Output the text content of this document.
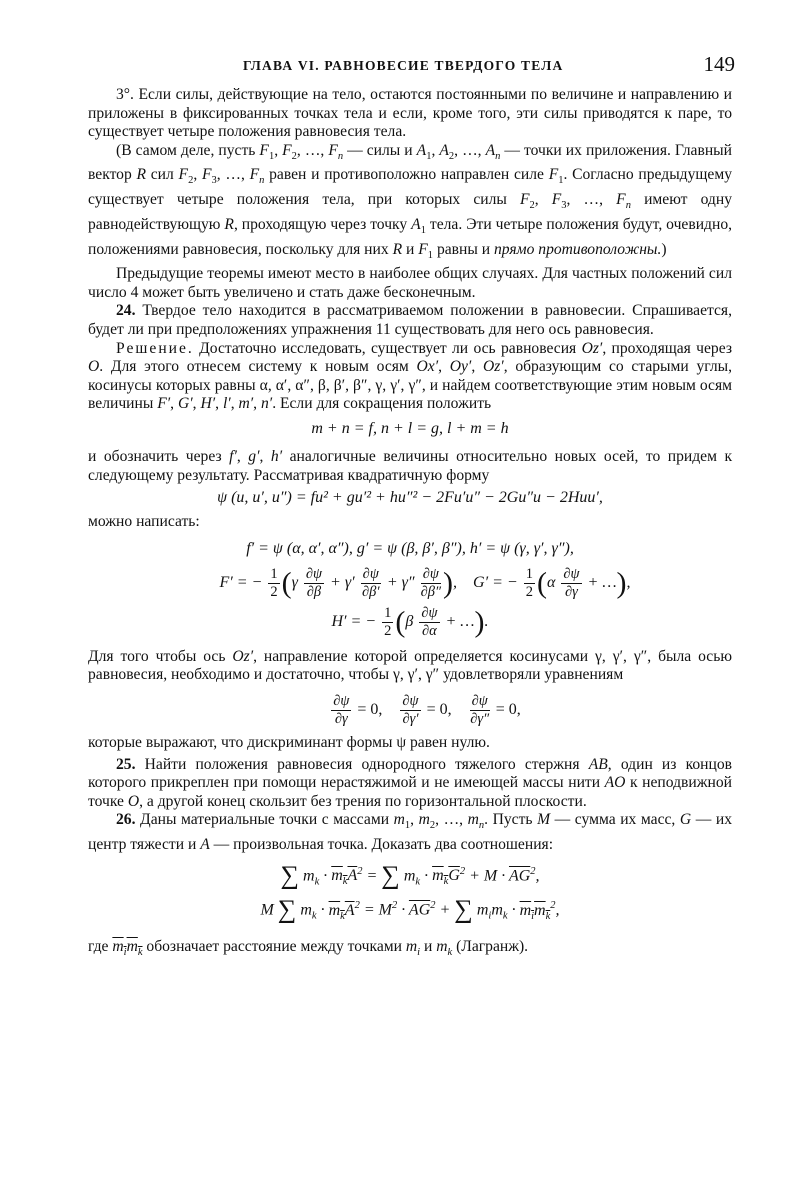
ГЛАВА VI. РАВНОВЕСИЕ ТВЕРДОГО ТЕЛА	149

3°. Если силы, действующие на тело, остаются постоянными по величине и направлению и приложены в фиксированных точках тела и если, кроме того, эти силы приводятся к паре, то существует четыре положения равновесия тела.

(В самом деле, пусть $F_1$, $F_2$, …, $F_n$ — силы и $A_1$, $A_2$, …, $A_n$ — точки их приложения. Главный вектор R сил $F_2$, $F_3$, …, $F_n$ равен и противоположно направлен силе $F_1$. Согласно предыдущему существует четыре положения тела, при которых силы $F_2$, $F_3$, …, $F_n$ имеют одну равнодействующую R, проходящую через точку $A_1$ тела. Эти четыре положения будут, очевидно, положениями равновесия, поскольку для них R и $F_1$ равны и прямо противоположны.)

Предыдущие теоремы имеют место в наиболее общих случаях. Для частных положений сил число 4 может быть увеличено и стать даже бесконечным.

24. Твердое тело находится в рассматриваемом положении в равновесии. Спрашивается, будет ли при предположениях упражнения 11 существовать для него ось равновесия.

Решение. Достаточно исследовать, существует ли ось равновесия Oz′, проходящая через O. Для этого отнесем систему к новым осям Ox′, Oy′, Oz′, образующим со старыми углы, косинусы которых равны α, α′, α″, β, β′, β″, γ, γ′, γ″, и найдем соответствующие этим новым осям величины F′, G′, H′, l′, m′, n′. Если для сокращения положить

m + n = f, n + l = g, l + m = h

и обозначить через f′, g′, h′ аналогичные величины относительно новых осей, то придем к следующему результату. Рассматривая квадратичную форму

ψ (u, u′, u″) = fu² + gu′² + hu″² − 2Fu′u″ − 2Gu″u − 2Huu′,

можно написать:

f′ = ψ (α, α′, α″), g′ = ψ (β, β′, β″), h′ = ψ (γ, γ′, γ″),
F′ = − $\frac{1}{2} (\gamma \frac{\partial\psi}{\partial\beta} + \gamma' \frac{\partial\psi}{\partial\beta'} + \gamma'' \frac{\partial\psi}{\partial\beta''}$ ),    G′ = − $\frac{1}{2} (\alpha \frac{\partial\psi}{\partial\gamma}$ + …),
H′ = − $\frac{1}{2} (\beta \frac{\partial\psi}{\partial\alpha}$ + …).

Для того чтобы ось Oz′, направление которой определяется косинусами γ, γ′, γ″, была осью равновесия, необходимо и достаточно, чтобы γ, γ′, γ″ удовлетворяли уравнениям

$\frac{\partial\psi}{\partial\gamma} = 0$, $\frac{\partial\psi}{\partial\gamma'} = 0$, $\frac{\partial\psi}{\partial\gamma''} = 0$,

которые выражают, что дискриминант формы ψ равен нулю.

25. Найти положения равновесия однородного тяжелого стержня AB, один из концов которого прикреплен при помощи нерастяжимой и не имеющей массы нити AO к неподвижной точке O, а другой конец скользит без трения по горизонтальной плоскости.

26. Даны материальные точки с массами $m_1$, $m_2$, …, $m_n$. Пусть M — сумма их масс, G — их центр тяжести и A — произвольная точка. Доказать два соотношения:

∑ $m_k \cdot m_kA^2$ = ∑ $m_k \cdot m_kG^2 + M \cdot \overline{AG}^2$,
M ∑ $m_k \cdot m_kA^2 = M^2 \cdot \overline{AG}^2$ + ∑ $m_im_k \cdot m_im_k^2$,

где $m_im_k$ обозначает расстояние между точками $m_i$ и $m_k$ (Лагранж).
